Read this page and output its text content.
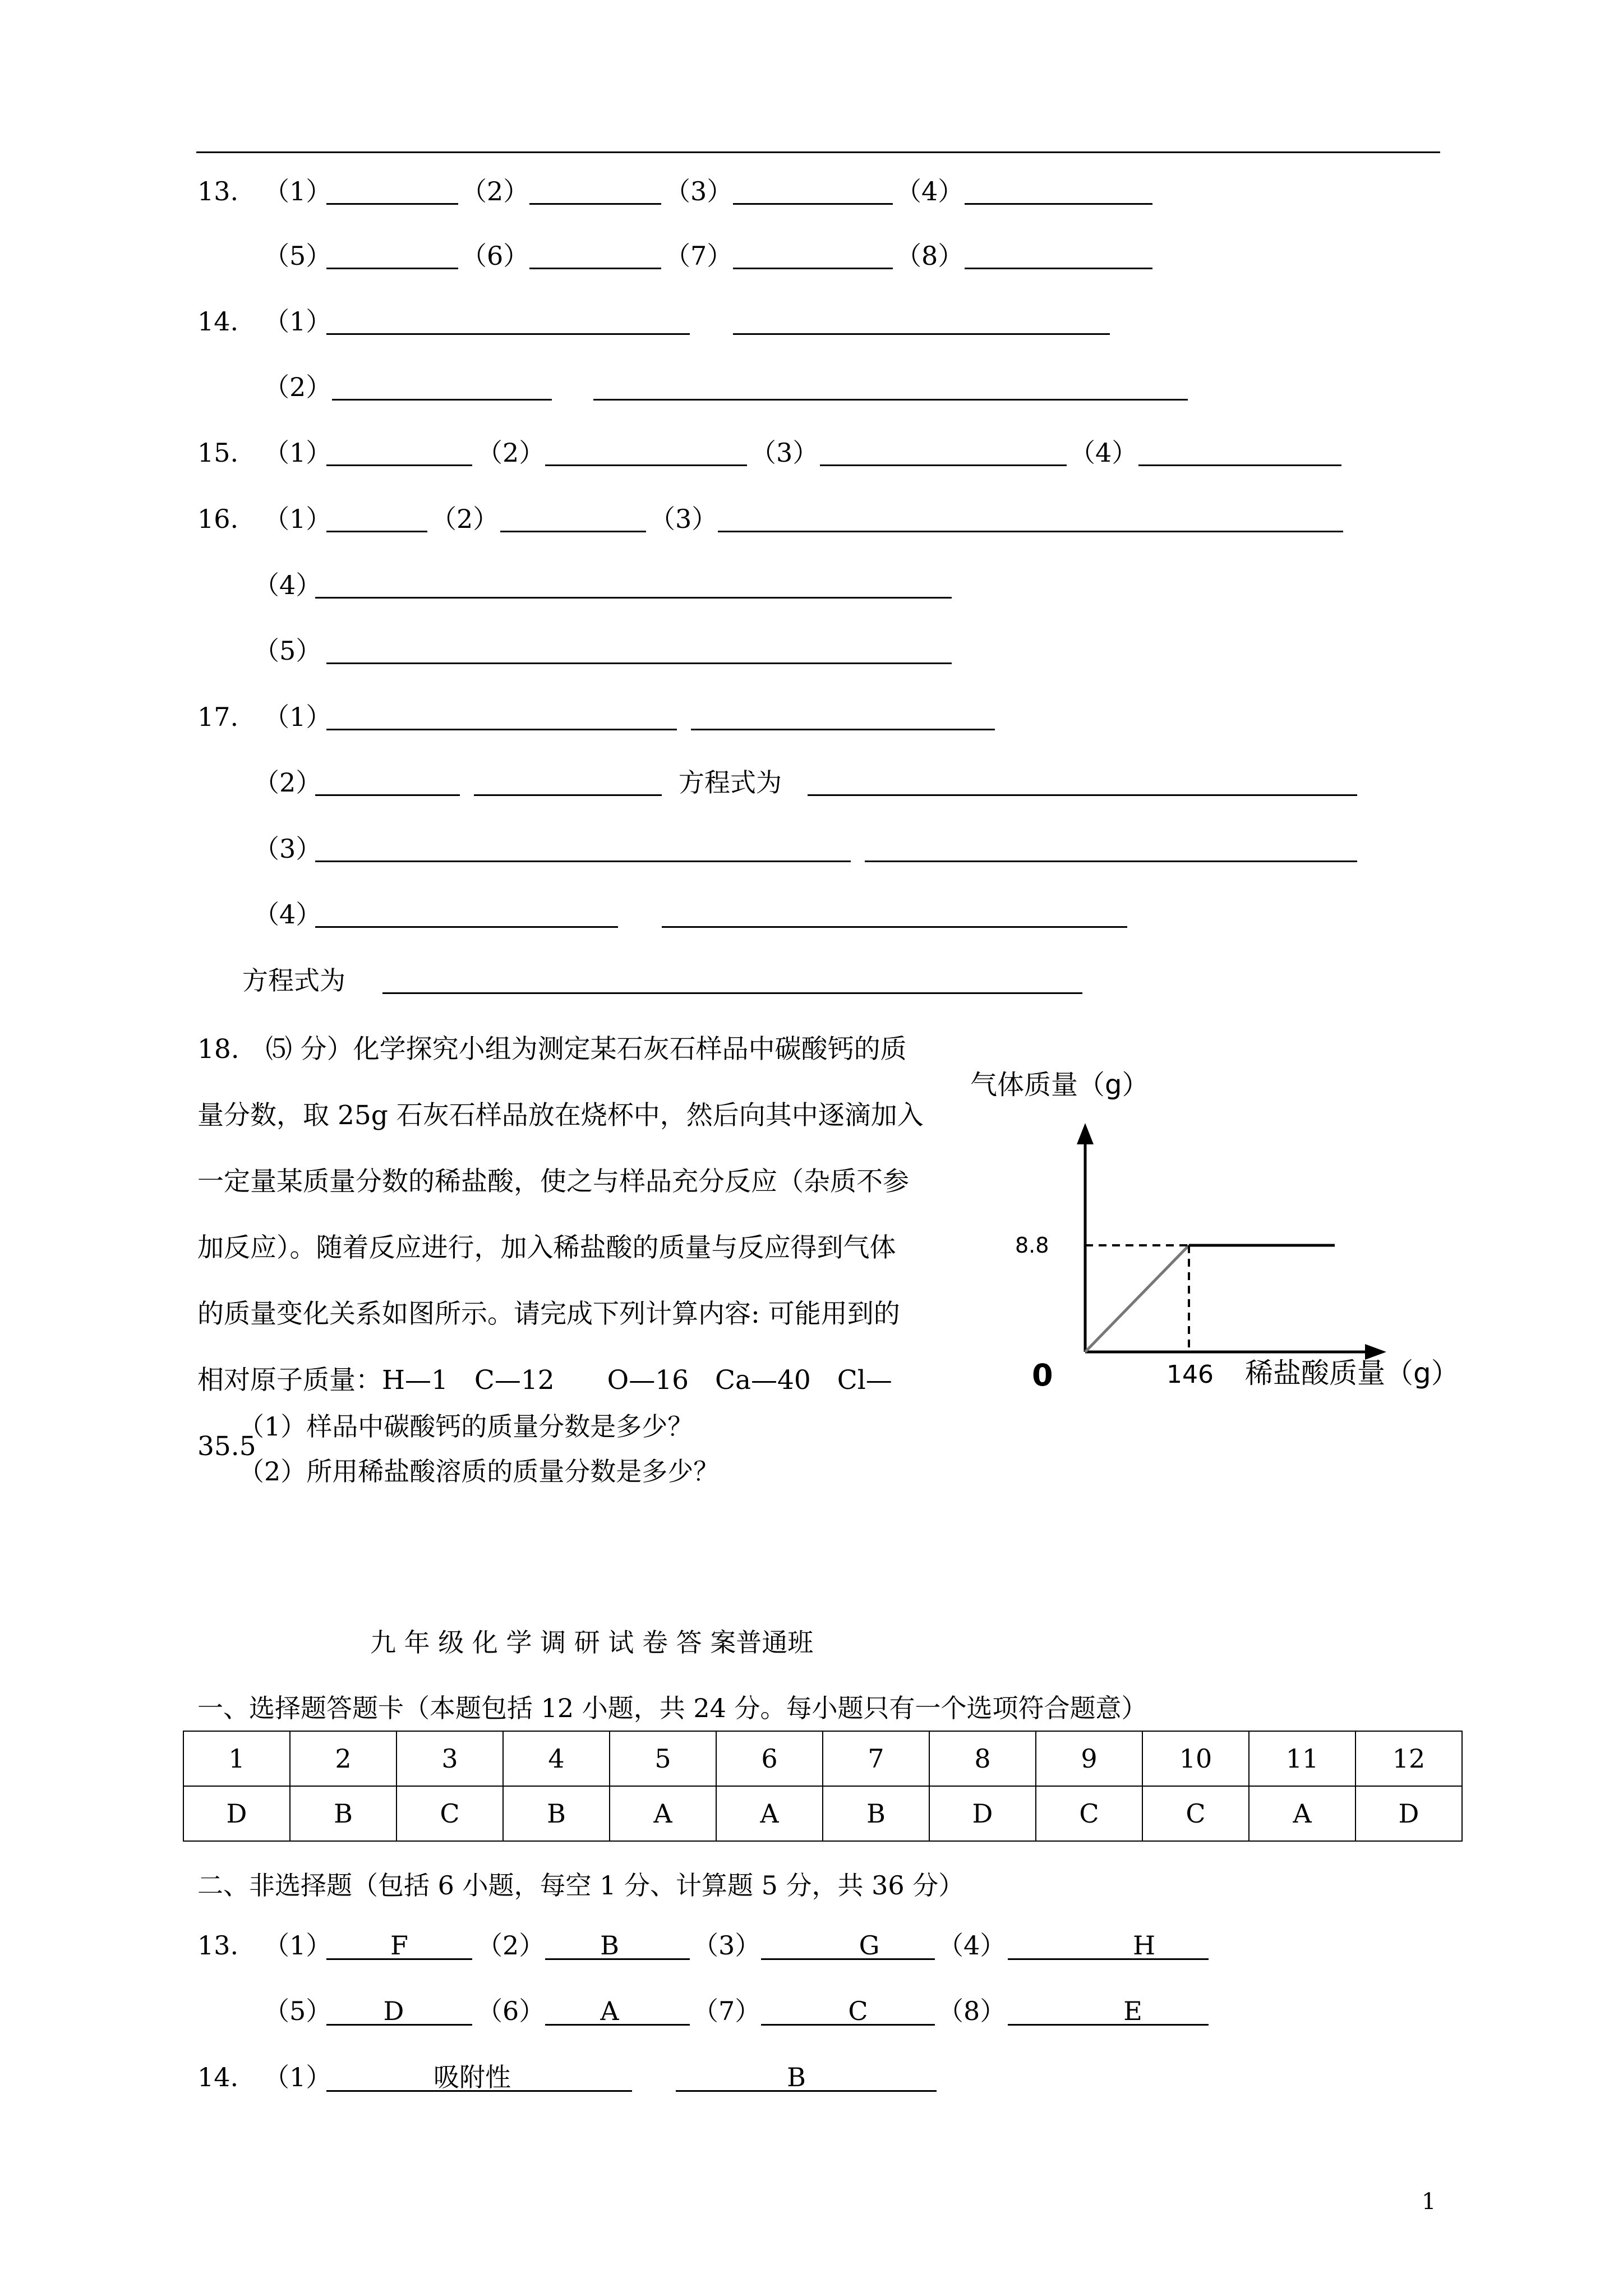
13. （1）	（2）	（3）	（4）
（5）	（6）	（7）	（8）
14. （1）
（2）
15. （1）	（2）	（3）	（4）
16. （1）	（2）	（3）
（4）
（5）
17. （1）
（2）	方程式为
（3）
（4）
方程式为
18.　⑸ 分）化学探究小组为测定某石灰石样品中碳酸钙的质
量分数，取 25g 石灰石样品放在烧杯中，然后向其中逐滴加入
一定量某质量分数的稀盐酸，使之与样品充分反应（杂质不参
加反应）。随着反应进行，加入稀盐酸的质量与反应得到气体
的质量变化关系如图所示。请完成下列计算内容: 可能用到的
相对原子质量：H—1　C—12　　O—16　Ca—40　Cl—35.5
（1）样品中碳酸钙的质量分数是多少？
（2）所用稀盐酸溶质的质量分数是多少？
气体质量（g）
8.8
0	146 稀盐酸质量（g）
九 年 级 化 学 调 研 试 卷 答 案普通班
一、选择题答题卡（本题包括 12 小题，共 24 分。每小题只有一个选项符合题意）
1	2	3	4	5	6	7	8	9	10	11	12
D	B	C	B	A	A	B	D	C	C	A	D
二、非选择题（包括 6 小题，每空 1 分、计算题 5 分，共 36 分）
13. （1）	F	（2）	B	（3）	G	（4）	H
（5）	D	（6）	A	（7）	C	（8）	E
14. （1）	吸附性	B
1
